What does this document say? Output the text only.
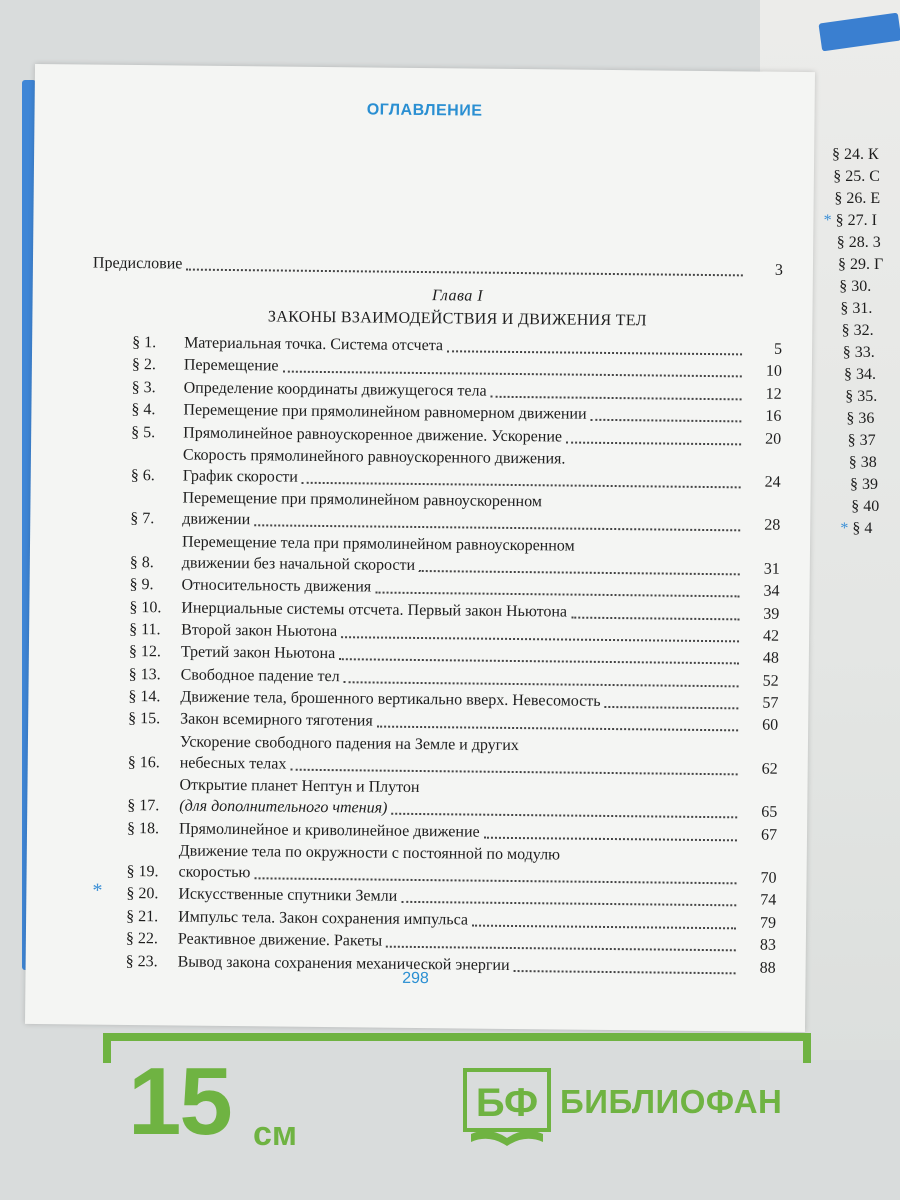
ОГЛАВЛЕНИЕ
Предисловие	3
Глава I
ЗАКОНЫ ВЗАИМОДЕЙСТВИЯ И ДВИЖЕНИЯ ТЕЛ
§ 1.	Материальная точка. Система отсчета	5
§ 2.	Перемещение	10
§ 3.	Определение координаты движущегося тела	12
§ 4.	Перемещение при прямолинейном равномерном движении	16
§ 5.	Прямолинейное равноускоренное движение. Ускорение	20
§ 6.
Скорость прямолинейного равноускоренного движения.
График скорости	24
§ 7.
Перемещение при прямолинейном равноускоренном
движении	28
§ 8.
Перемещение тела при прямолинейном равноускоренном
движении без начальной скорости	31
§ 9.	Относительность движения	34
§ 10.	Инерциальные системы отсчета. Первый закон Ньютона	39
§ 11.	Второй закон Ньютона	42
§ 12.	Третий закон Ньютона	48
§ 13.	Свободное падение тел	52
§ 14.	Движение тела, брошенного вертикально вверх. Невесомость	57
§ 15.	Закон всемирного тяготения	60
§ 16.
Ускорение свободного падения на Земле и других
небесных телах	62
§ 17.
Открытие планет Нептун и Плутон
(для дополнительного чтения)	65
§ 18.	Прямолинейное и криволинейное движение	67
§ 19.
Движение тела по окружности с постоянной по модулю
скоростью	70
* § 20.	Искусственные спутники Земли	74
§ 21.	Импульс тела. Закон сохранения импульса	79
§ 22.	Реактивное движение. Ракеты	83
§ 23.	Вывод закона сохранения механической энергии	88
298
§ 24. К
§ 25. С
§ 26. Е
* § 27. I
§ 28. 3
§ 29. Г
§ 30.
§ 31.
§ 32.
§ 33.
§ 34.
§ 35.
§ 36
§ 37
§ 38
§ 39
§ 40
* § 4
15 см
БФ БИБЛИОФАН
